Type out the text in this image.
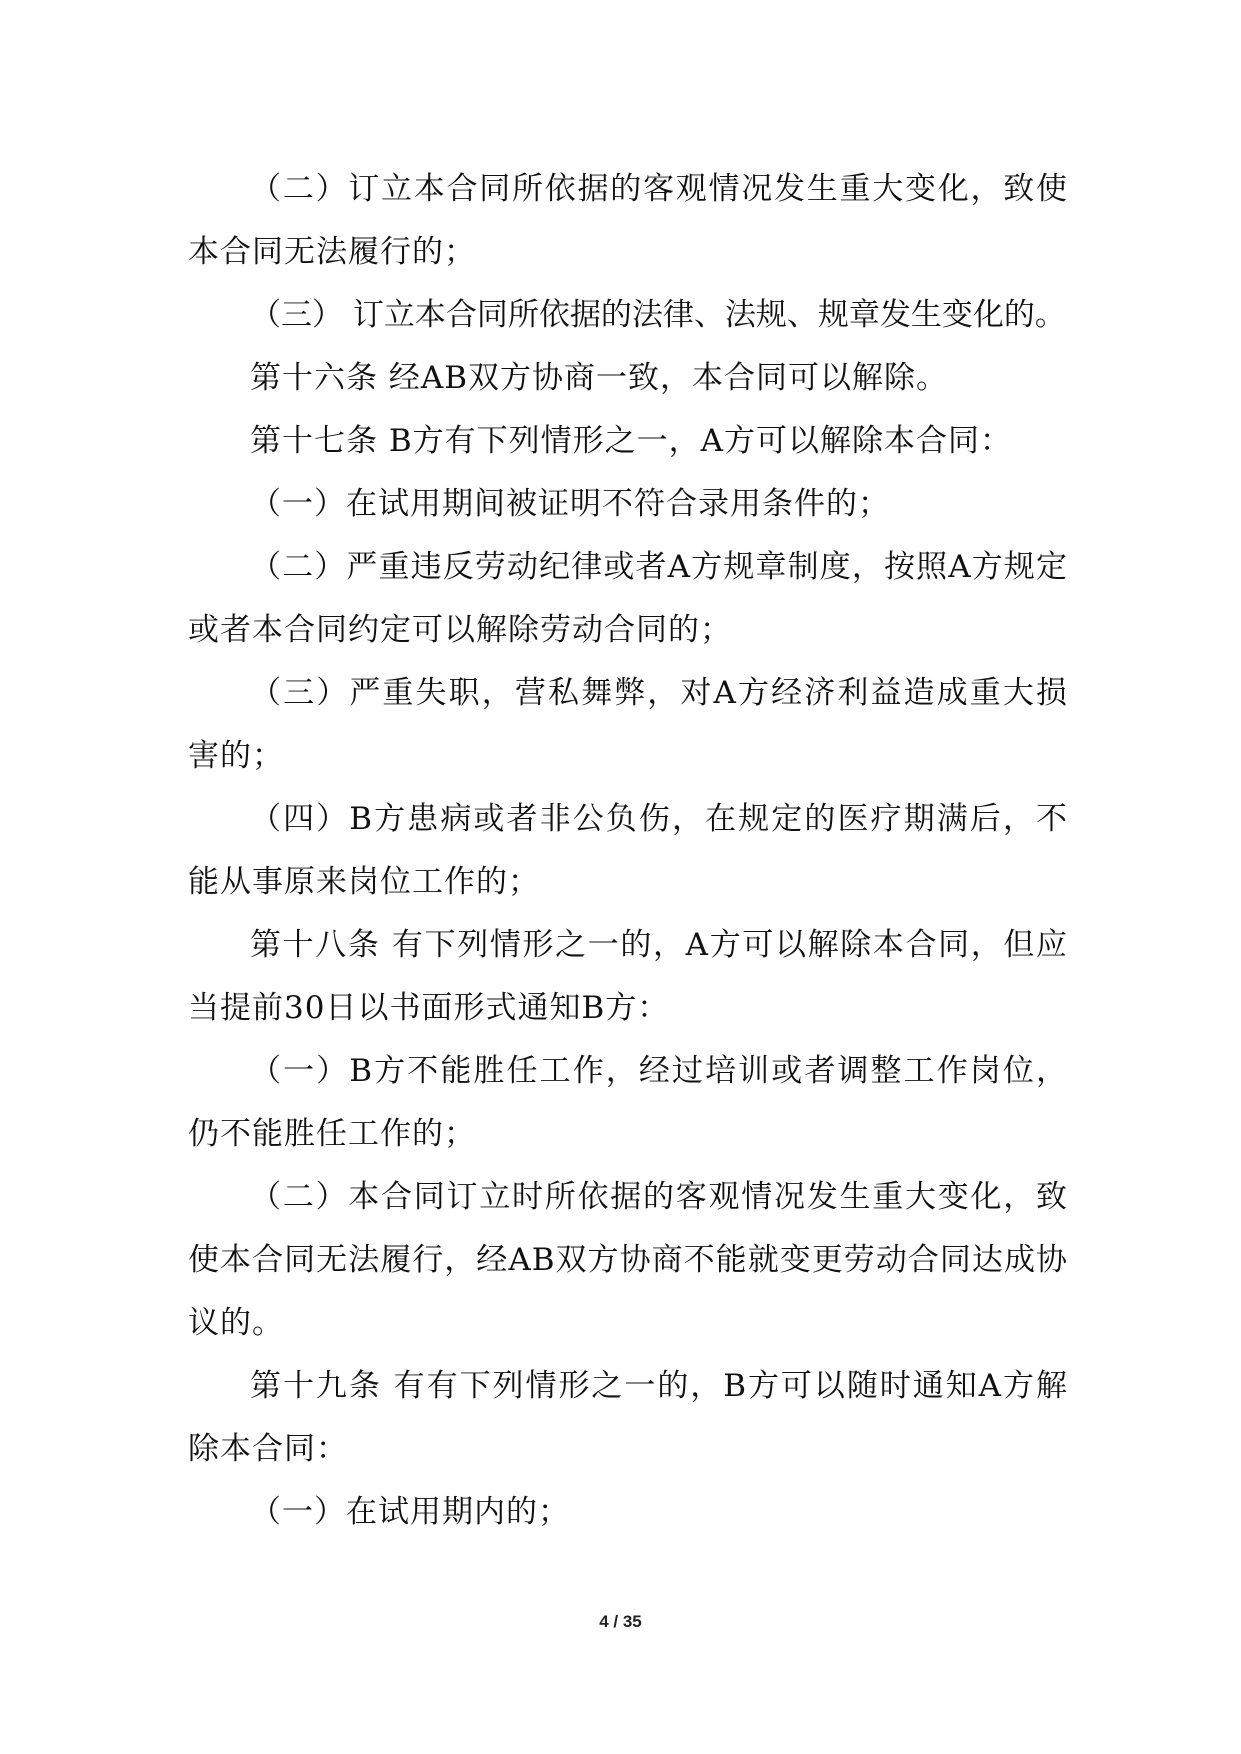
（二）订立本合同所依据的客观情况发生重大变化，致使本合同无法履行的；

（三） 订立本合同所依据的法律、法规、规章发生变化的。

第十六条 经AB双方协商一致，本合同可以解除。

第十七条 B方有下列情形之一，A方可以解除本合同：

（一）在试用期间被证明不符合录用条件的；

（二）严重违反劳动纪律或者A方规章制度，按照A方规定或者本合同约定可以解除劳动合同的；

（三）严重失职，营私舞弊，对A方经济利益造成重大损害的；

（四）B方患病或者非公负伤，在规定的医疗期满后，不能从事原来岗位工作的；

第十八条 有下列情形之一的，A方可以解除本合同，但应当提前30日以书面形式通知B方：

（一）B方不能胜任工作，经过培训或者调整工作岗位，仍不能胜任工作的；

（二）本合同订立时所依据的客观情况发生重大变化，致使本合同无法履行，经AB双方协商不能就变更劳动合同达成协议的。

第十九条 有有下列情形之一的，B方可以随时通知A方解除本合同：

（一）在试用期内的；

4 / 35
